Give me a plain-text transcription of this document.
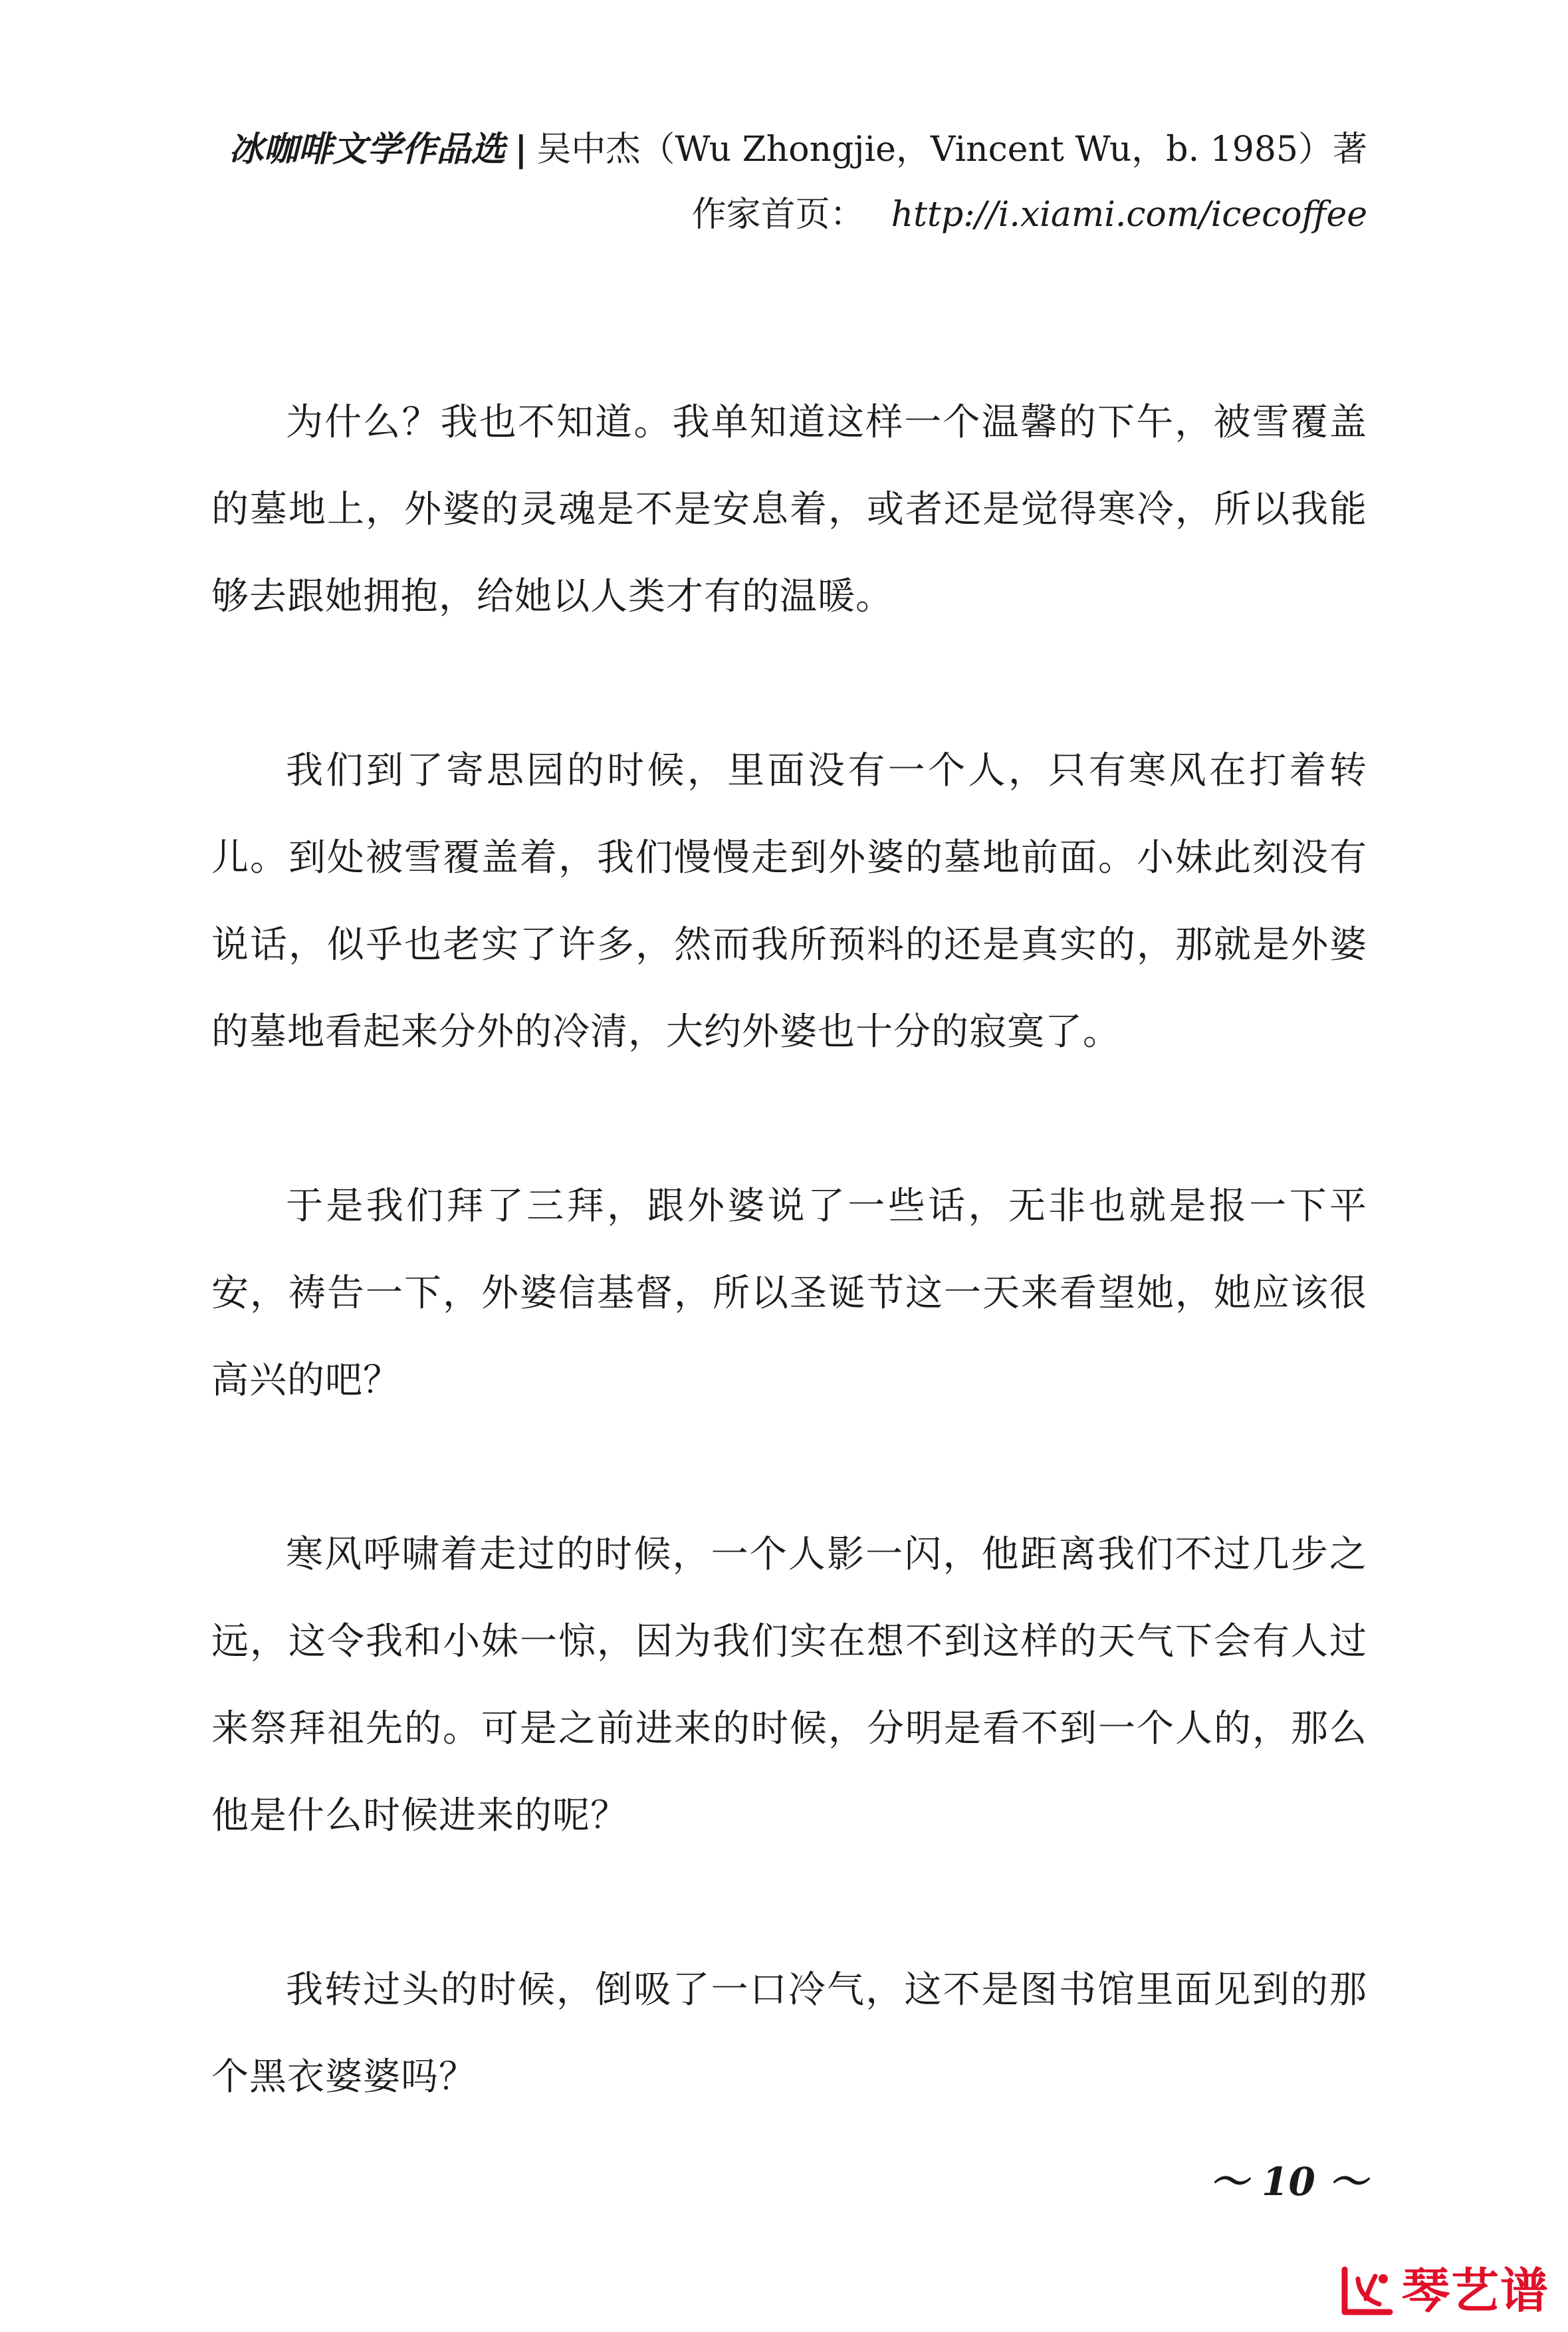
冰咖啡文学作品选 | 吴中杰（Wu Zhongjie，Vincent Wu，b. 1985）著

作家首页： http://i.xiami.com/icecoffee

为什么？我也不知道。我单知道这样一个温馨的下午，被雪覆盖的墓地上，外婆的灵魂是不是安息着，或者还是觉得寒冷，所以我能够去跟她拥抱，给她以人类才有的温暖。

我们到了寄思园的时候，里面没有一个人，只有寒风在打着转儿。到处被雪覆盖着，我们慢慢走到外婆的墓地前面。小妹此刻没有说话，似乎也老实了许多，然而我所预料的还是真实的，那就是外婆的墓地看起来分外的冷清，大约外婆也十分的寂寞了。

于是我们拜了三拜，跟外婆说了一些话，无非也就是报一下平安，祷告一下，外婆信基督，所以圣诞节这一天来看望她，她应该很高兴的吧？

寒风呼啸着走过的时候，一个人影一闪，他距离我们不过几步之远，这令我和小妹一惊，因为我们实在想不到这样的天气下会有人过来祭拜祖先的。可是之前进来的时候，分明是看不到一个人的，那么他是什么时候进来的呢？

我转过头的时候，倒吸了一口冷气，这不是图书馆里面见到的那个黑衣婆婆吗？

～ 10 ～
琴艺谱
